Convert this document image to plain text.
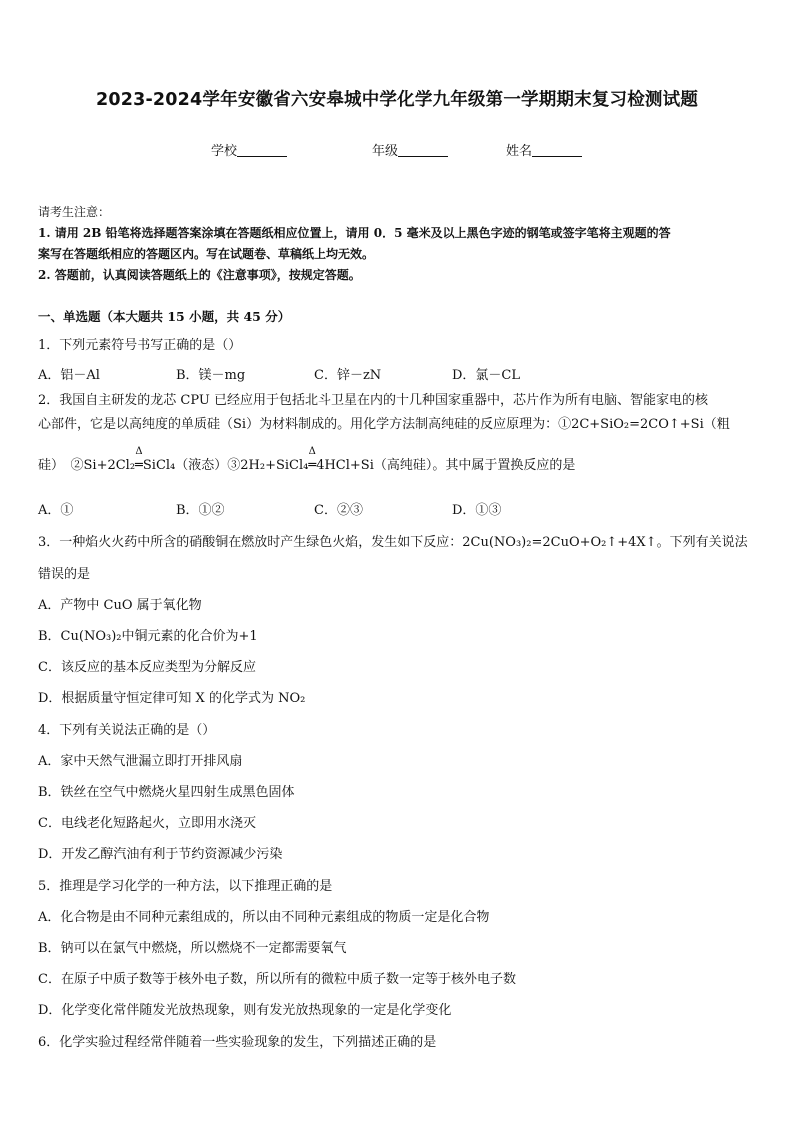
2023-2024学年安徽省六安皋城中学化学九年级第一学期期末复习检测试题
学校	年级	姓名
请考生注意：
1. 请用 2B 铅笔将选择题答案涂填在答题纸相应位置上，请用 0．5 毫米及以上黑色字迹的钢笔或签字笔将主观题的答
案写在答题纸相应的答题区内。写在试题卷、草稿纸上均无效。
2. 答题前，认真阅读答题纸上的《注意事项》，按规定答题。
一、单选题（本大题共 15 小题，共 45 分）
1．下列元素符号书写正确的是（）
A．铝－Al	B．镁－mg	C．锌－zN	D．氯－CL
2．我国自主研发的龙芯 CPU 已经应用于包括北斗卫星在内的十几种国家重器中，芯片作为所有电脑、智能家电的核
心部件，它是以高纯度的单质硅（Si）为材料制成的。用化学方法制高纯硅的反应原理为：①2C+SiO₂=2CO↑+Si（粗
硅）　②Si+2Cl₂
Δ
═SiCl₄（液态）③2H₂+SiCl₄
Δ
═4HCl+Si（高纯硅）。其中属于置换反应的是
A．①	B．①②	C．②③	D．①③
3．一种焰火火药中所含的硝酸铜在燃放时产生绿色火焰，发生如下反应：2Cu(NO₃)₂=2CuO+O₂↑+4X↑。下列有关说法
错误的是
A．产物中 CuO 属于氧化物
B．Cu(NO₃)₂中铜元素的化合价为+1
C．该反应的基本反应类型为分解反应
D．根据质量守恒定律可知 X 的化学式为 NO₂
4．下列有关说法正确的是（）
A．家中天然气泄漏立即打开排风扇
B．铁丝在空气中燃烧火星四射生成黑色固体
C．电线老化短路起火，立即用水浇灭
D．开发乙醇汽油有利于节约资源减少污染
5．推理是学习化学的一种方法，以下推理正确的是
A．化合物是由不同种元素组成的，所以由不同种元素组成的物质一定是化合物
B．钠可以在氯气中燃烧，所以燃烧不一定都需要氧气
C．在原子中质子数等于核外电子数，所以所有的微粒中质子数一定等于核外电子数
D．化学变化常伴随发光放热现象，则有发光放热现象的一定是化学变化
6．化学实验过程经常伴随着一些实验现象的发生，下列描述正确的是
